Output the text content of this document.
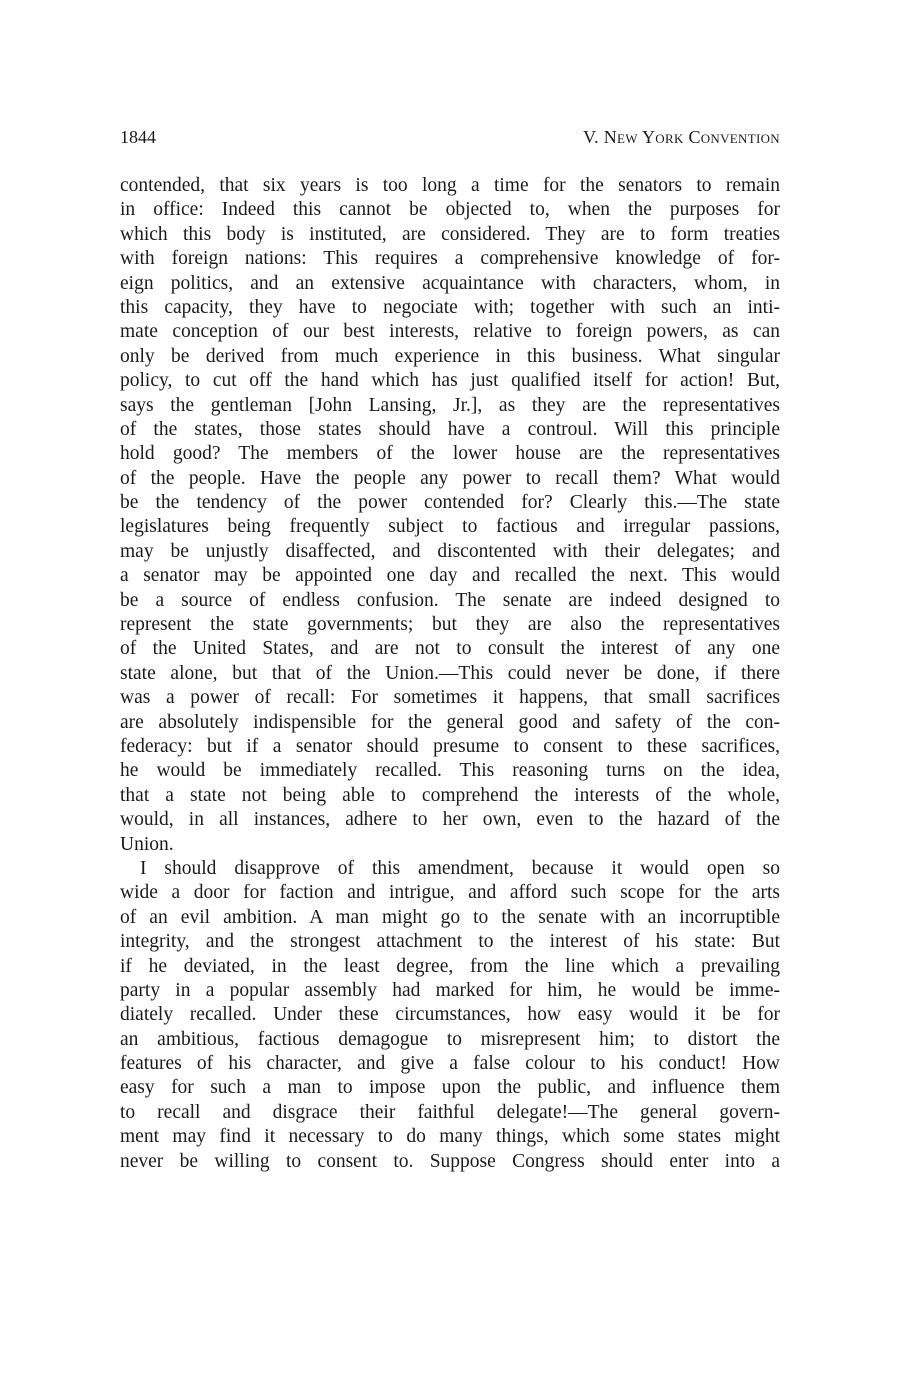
1844	V. New York Convention
contended, that six years is too long a time for the senators to remain
in office: Indeed this cannot be objected to, when the purposes for
which this body is instituted, are considered. They are to form treaties
with foreign nations: This requires a comprehensive knowledge of for-
eign politics, and an extensive acquaintance with characters, whom, in
this capacity, they have to negociate with; together with such an inti-
mate conception of our best interests, relative to foreign powers, as can
only be derived from much experience in this business. What singular
policy, to cut off the hand which has just qualified itself for action! But,
says the gentleman [John Lansing, Jr.], as they are the representatives
of the states, those states should have a controul. Will this principle
hold good? The members of the lower house are the representatives
of the people. Have the people any power to recall them? What would
be the tendency of the power contended for? Clearly this.—The state
legislatures being frequently subject to factious and irregular passions,
may be unjustly disaffected, and discontented with their delegates; and
a senator may be appointed one day and recalled the next. This would
be a source of endless confusion. The senate are indeed designed to
represent the state governments; but they are also the representatives
of the United States, and are not to consult the interest of any one
state alone, but that of the Union.—This could never be done, if there
was a power of recall: For sometimes it happens, that small sacrifices
are absolutely indispensible for the general good and safety of the con-
federacy: but if a senator should presume to consent to these sacrifices,
he would be immediately recalled. This reasoning turns on the idea,
that a state not being able to comprehend the interests of the whole,
would, in all instances, adhere to her own, even to the hazard of the
Union.
I should disapprove of this amendment, because it would open so
wide a door for faction and intrigue, and afford such scope for the arts
of an evil ambition. A man might go to the senate with an incorruptible
integrity, and the strongest attachment to the interest of his state: But
if he deviated, in the least degree, from the line which a prevailing
party in a popular assembly had marked for him, he would be imme-
diately recalled. Under these circumstances, how easy would it be for
an ambitious, factious demagogue to misrepresent him; to distort the
features of his character, and give a false colour to his conduct! How
easy for such a man to impose upon the public, and influence them
to recall and disgrace their faithful delegate!—The general govern-
ment may find it necessary to do many things, which some states might
never be willing to consent to. Suppose Congress should enter into a
